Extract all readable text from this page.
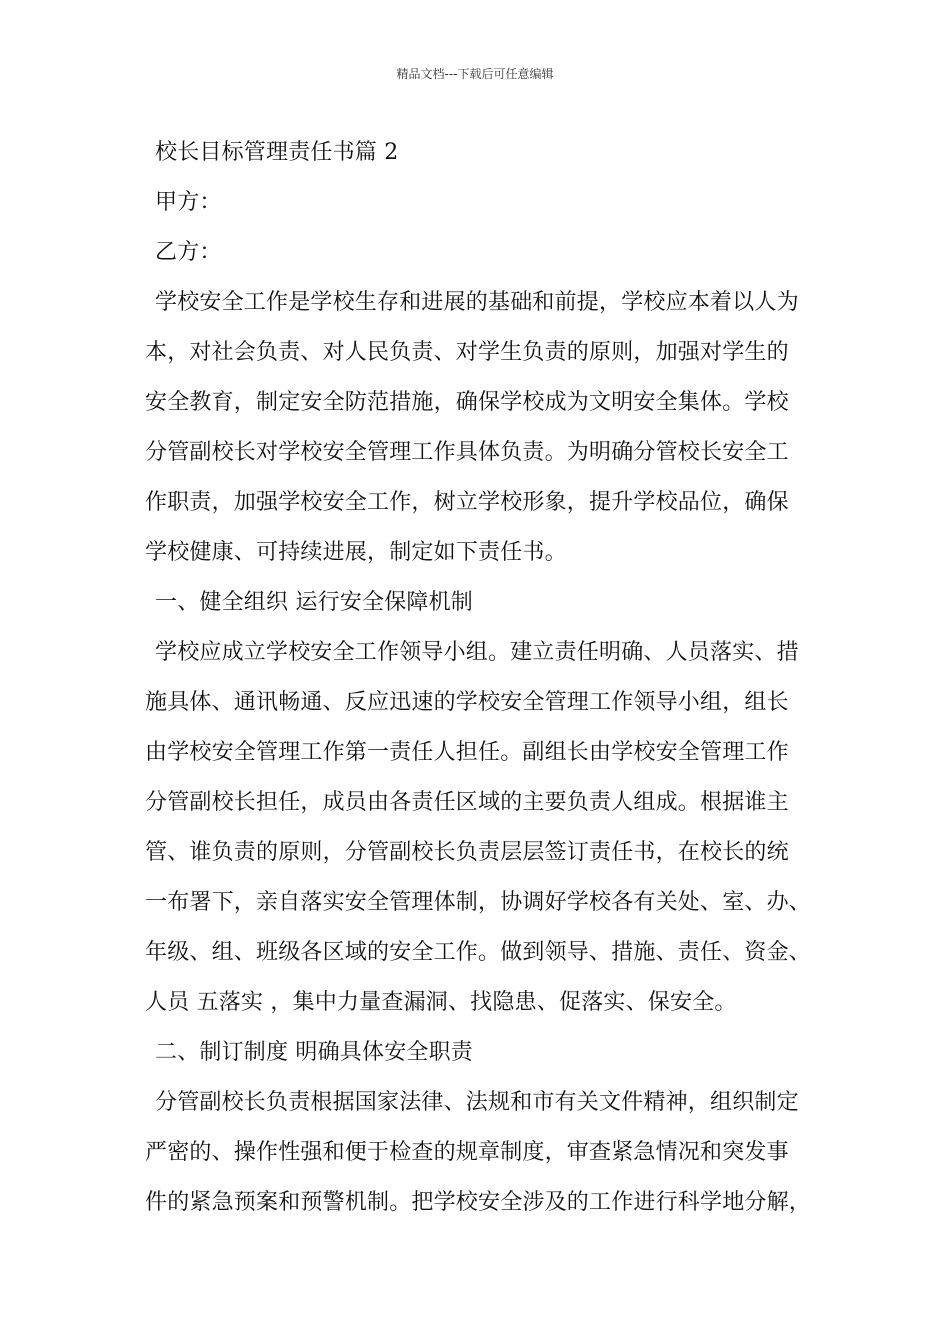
精品文档---下载后可任意编辑
校长目标管理责任书篇 2
甲方：
乙方：
学校安全工作是学校生存和进展的基础和前提，学校应本着以人为
本，对社会负责、对人民负责、对学生负责的原则，加强对学生的
安全教育，制定安全防范措施，确保学校成为文明安全集体。学校
分管副校长对学校安全管理工作具体负责。为明确分管校长安全工
作职责，加强学校安全工作，树立学校形象，提升学校品位，确保
学校健康、可持续进展，制定如下责任书。
一、健全组织 运行安全保障机制
学校应成立学校安全工作领导小组。建立责任明确、人员落实、措
施具体、通讯畅通、反应迅速的学校安全管理工作领导小组，组长
由学校安全管理工作第一责任人担任。副组长由学校安全管理工作
分管副校长担任，成员由各责任区域的主要负责人组成。根据谁主
管、谁负责的原则，分管副校长负责层层签订责任书，在校长的统
一布署下，亲自落实安全管理体制，协调好学校各有关处、室、办、
年级、组、班级各区域的安全工作。做到领导、措施、责任、资金、
人员 五落实 ，集中力量查漏洞、找隐患、促落实、保安全。
二、制订制度 明确具体安全职责
分管副校长负责根据国家法律、法规和市有关文件精神，组织制定
严密的、操作性强和便于检查的规章制度，审查紧急情况和突发事
件的紧急预案和预警机制。把学校安全涉及的工作进行科学地分解，
